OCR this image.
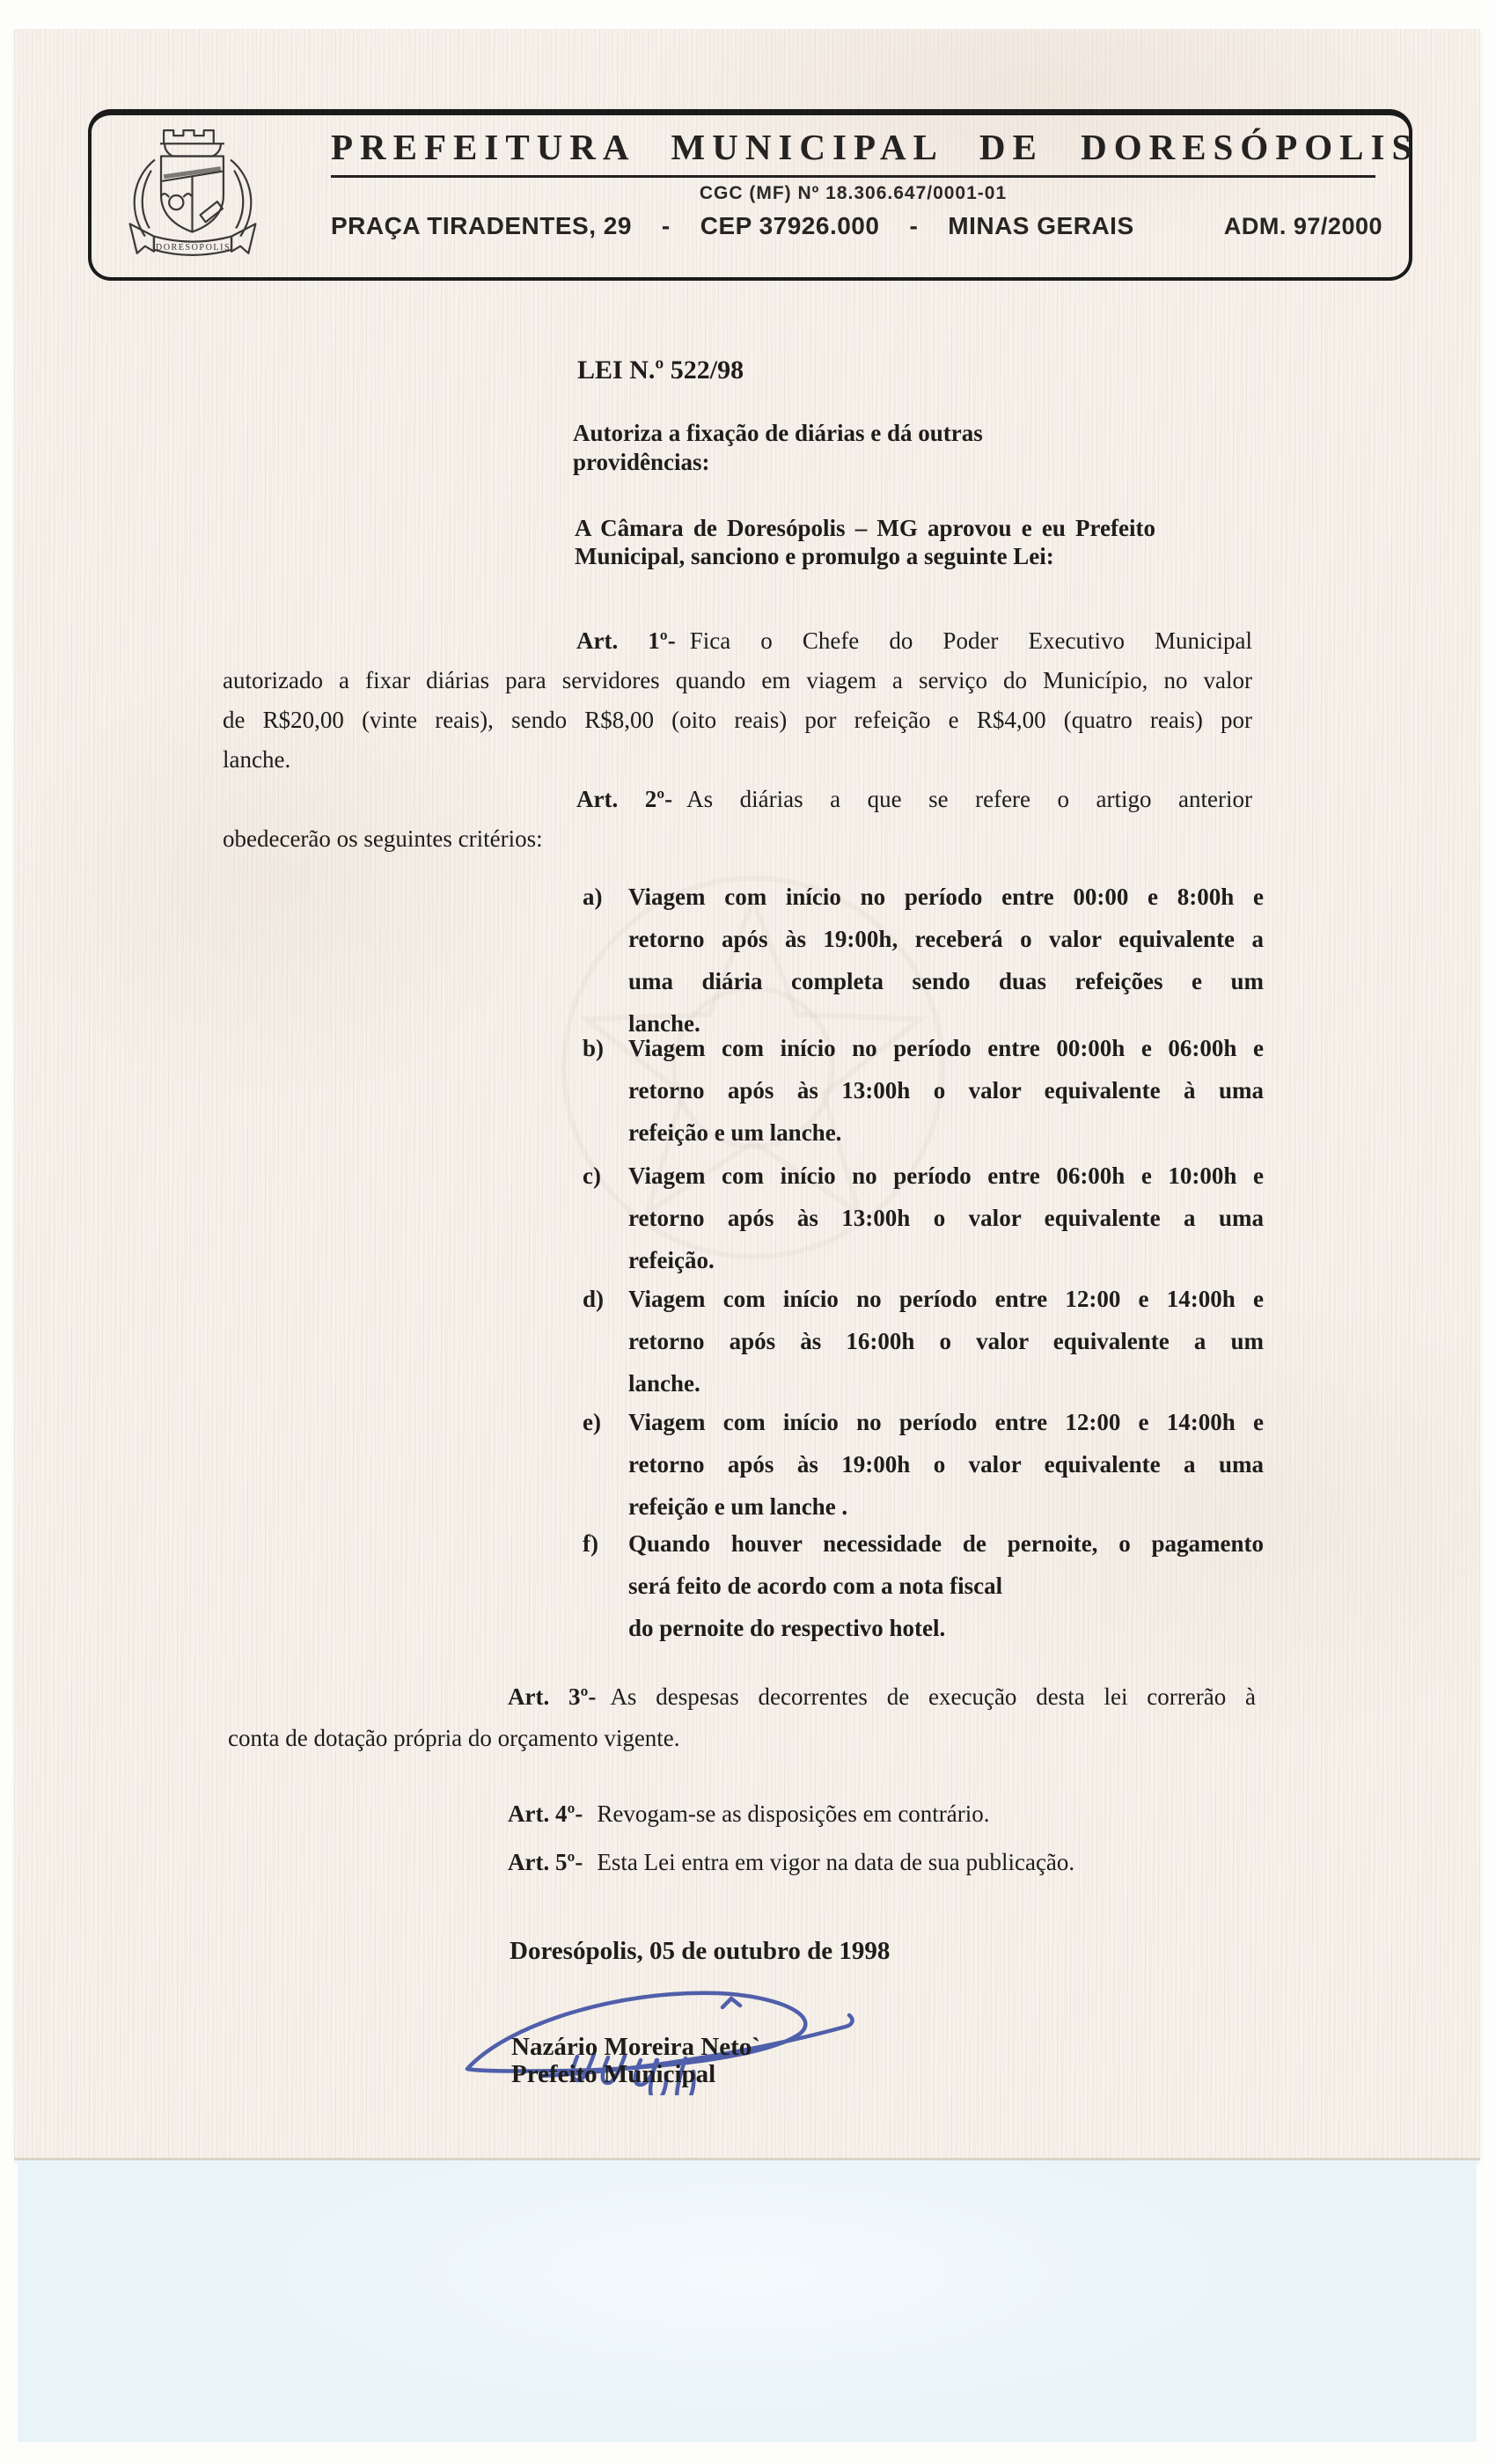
DORESOPOLIS
PREFEITURA MUNICIPAL DE DORESÓPOLIS
CGC (MF) Nº 18.306.647/0001-01
PRAÇA TIRADENTES, 29 - CEP 37926.000 - MINAS GERAIS	ADM. 97/2000
LEI N.º 522/98
Autoriza a fixação de diárias e dá outras
providências:
A Câmara de Doresópolis – MG aprovou e eu Prefeito
Municipal, sanciono e promulgo a seguinte Lei:
Art. 1º- Fica o Chefe do Poder Executivo Municipal
autorizado a fixar diárias para servidores quando em viagem a serviço do Município, no valor
de R$20,00 (vinte reais), sendo R$8,00 (oito reais) por refeição e R$4,00 (quatro reais) por
lanche.
Art. 2º- As diárias a que se refere o artigo anterior
obedecerão os seguintes critérios:
a) Viagem com início no período entre 00:00 e 8:00h e
retorno após às 19:00h, receberá o valor equivalente a
uma diária completa sendo duas refeições e um
lanche.
b) Viagem com início no período entre 00:00h e 06:00h e
retorno após às 13:00h o valor equivalente à uma
refeição e um lanche.
c) Viagem com início no período entre 06:00h e 10:00h e
retorno após às 13:00h o valor equivalente a uma
refeição.
d) Viagem com início no período entre 12:00 e 14:00h e
retorno após às 16:00h o valor equivalente a um
lanche.
e) Viagem com início no período entre 12:00 e 14:00h e
retorno após às 19:00h o valor equivalente a uma
refeição e um lanche .
f) Quando houver necessidade de pernoite, o pagamento
será feito de acordo com a nota fiscal
do pernoite do respectivo hotel.
Art. 3º- As despesas decorrentes de execução desta lei correrão à
conta de dotação própria do orçamento vigente.
Art. 4º- Revogam-se as disposições em contrário.
Art. 5º- Esta Lei entra em vigor na data de sua publicação.
Doresópolis, 05 de outubro de 1998
Nazário Moreira Neto`
Prefeito Municipal
